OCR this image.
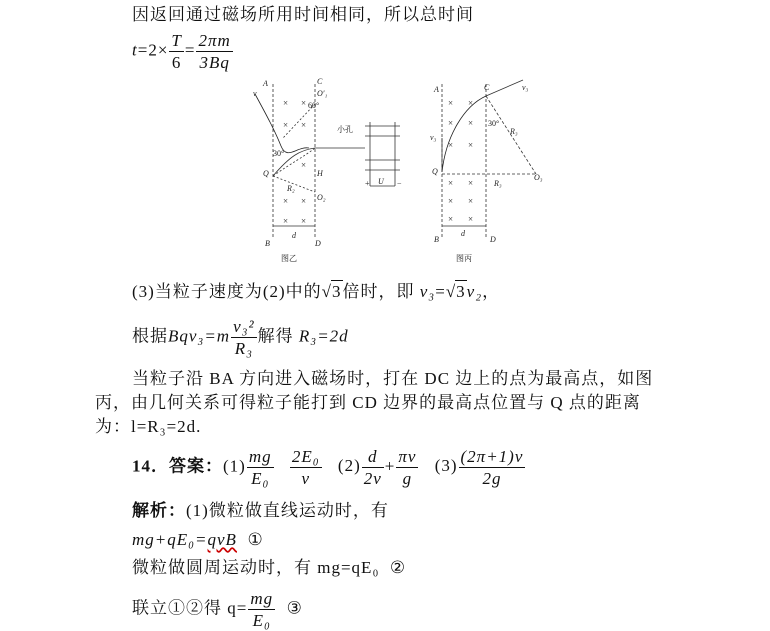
因返回通过磁场所用时间相同，所以总时间
$t=2\times \frac{T}{6} = \frac{2\pi m}{3Bq}$
× ×
× ×
×
× ×
× ×
A	C
O′₁
60°
小孔
v
30°
Q	H
R₂
O₂
B	D
d
U
+	−
图乙
× ×
× ×
× ×
× ×
× ×
× ×
A	C	v₃
30°
R₃
R₃
v₃
Q
O₃
B	D
d
图丙
(3)当粒子速度为(2)中的√3倍时，即 v₃=√3v₂，
根据$Bqv_3=m \frac{\text{v₃²}}{\text{R₃}}$ 解得 R₃=2d
当粒子沿 BA 方向进入磁场时，打在 DC 边上的点为最高点，如图
丙，由几何关系可得粒子能打到 CD 边界的最高点位置与 Q 点的距离
为：l=R₃=2d.
14．答案：$(1) \frac{mg}{\text{E₀}}$
$\frac{\text{2E₀}}{v} (2) \frac{d}{2v} + \frac{\pi v}{g} (3) \frac{(2\pi+1)v}{2g}$
解析：(1)微粒做直线运动时，有
mg+qE₀=qvB ①
微粒做圆周运动时，有 mg=qE₀ ②
联立①②得 $q= \frac{mg}{\text{E₀}}$ ③
